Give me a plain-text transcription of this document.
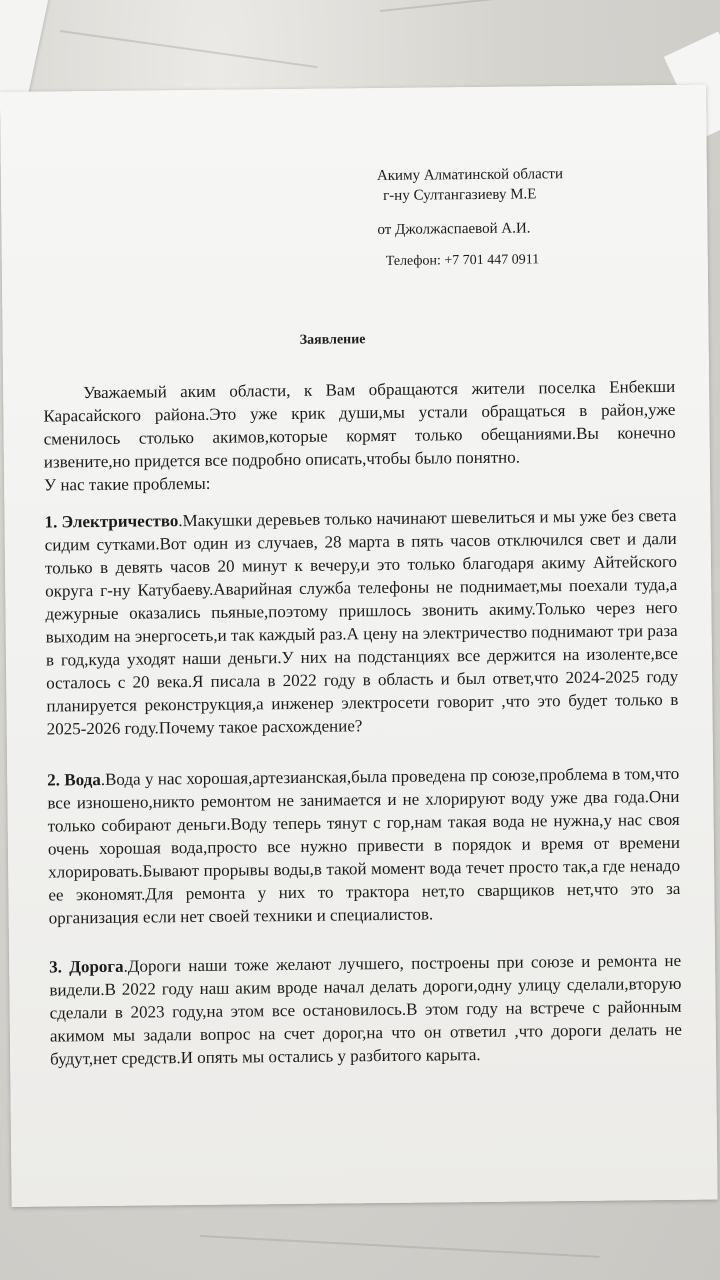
Акиму Алматинской области
г-ну Султангазиеву М.Е
от Джолжаспаевой А.И.
Телефон: +7 701 447 0911
Заявление

Уважаемый аким области, к Вам обращаются жители поселка Енбекши Карасайского района.Это уже крик души,мы устали обращаться в район,уже сменилось столько акимов,которые кормят только обещаниями.Вы конечно извените,но придется все подробно описать,чтобы было понятно.

У нас такие проблемы:

1. Электричество.Макушки деревьев только начинают шевелиться и мы уже без света сидим сутками.Вот один из случаев, 28 марта в пять часов отключился свет и дали только в девять часов 20 минут к вечеру,и это только благодаря акиму Айтейского округа г-ну Катубаеву.Аварийная служба телефоны не поднимает,мы поехали туда,а дежурные оказались пьяные,поэтому пришлось звонить акиму.Только через него выходим на энергосеть,и так каждый раз.А цену на электричество поднимают три раза в год,куда уходят наши деньги.У них на подстанциях все держится на изоленте,все осталось с 20 века.Я писала в 2022 году в область и был ответ,что 2024-2025 году планируется реконструкция,а инженер электросети говорит ,что это будет только в 2025-2026 году.Почему такое расхождение?

2. Вода.Вода у нас хорошая,артезианская,была проведена пр союзе,проблема в том,что все изношено,никто ремонтом не занимается и не хлорируют воду уже два года.Они только собирают деньги.Воду теперь тянут с гор,нам такая вода не нужна,у нас своя очень хорошая вода,просто все нужно привести в порядок и время от времени хлорировать.Бывают прорывы воды,в такой момент вода течет просто так,а где ненадо ее экономят.Для ремонта у них то трактора нет,то сварщиков нет,что это за организация если нет своей техники и специалистов.

3. Дорога.Дороги наши тоже желают лучшего, построены при союзе и ремонта не видели.В 2022 году наш аким вроде начал делать дороги,одну улицу сделали,вторую сделали в 2023 году,на этом все остановилось.В этом году на встрече с районным акимом мы задали вопрос на счет дорог,на что он ответил ,что дороги делать не будут,нет средств.И опять мы остались у разбитого карыта.
